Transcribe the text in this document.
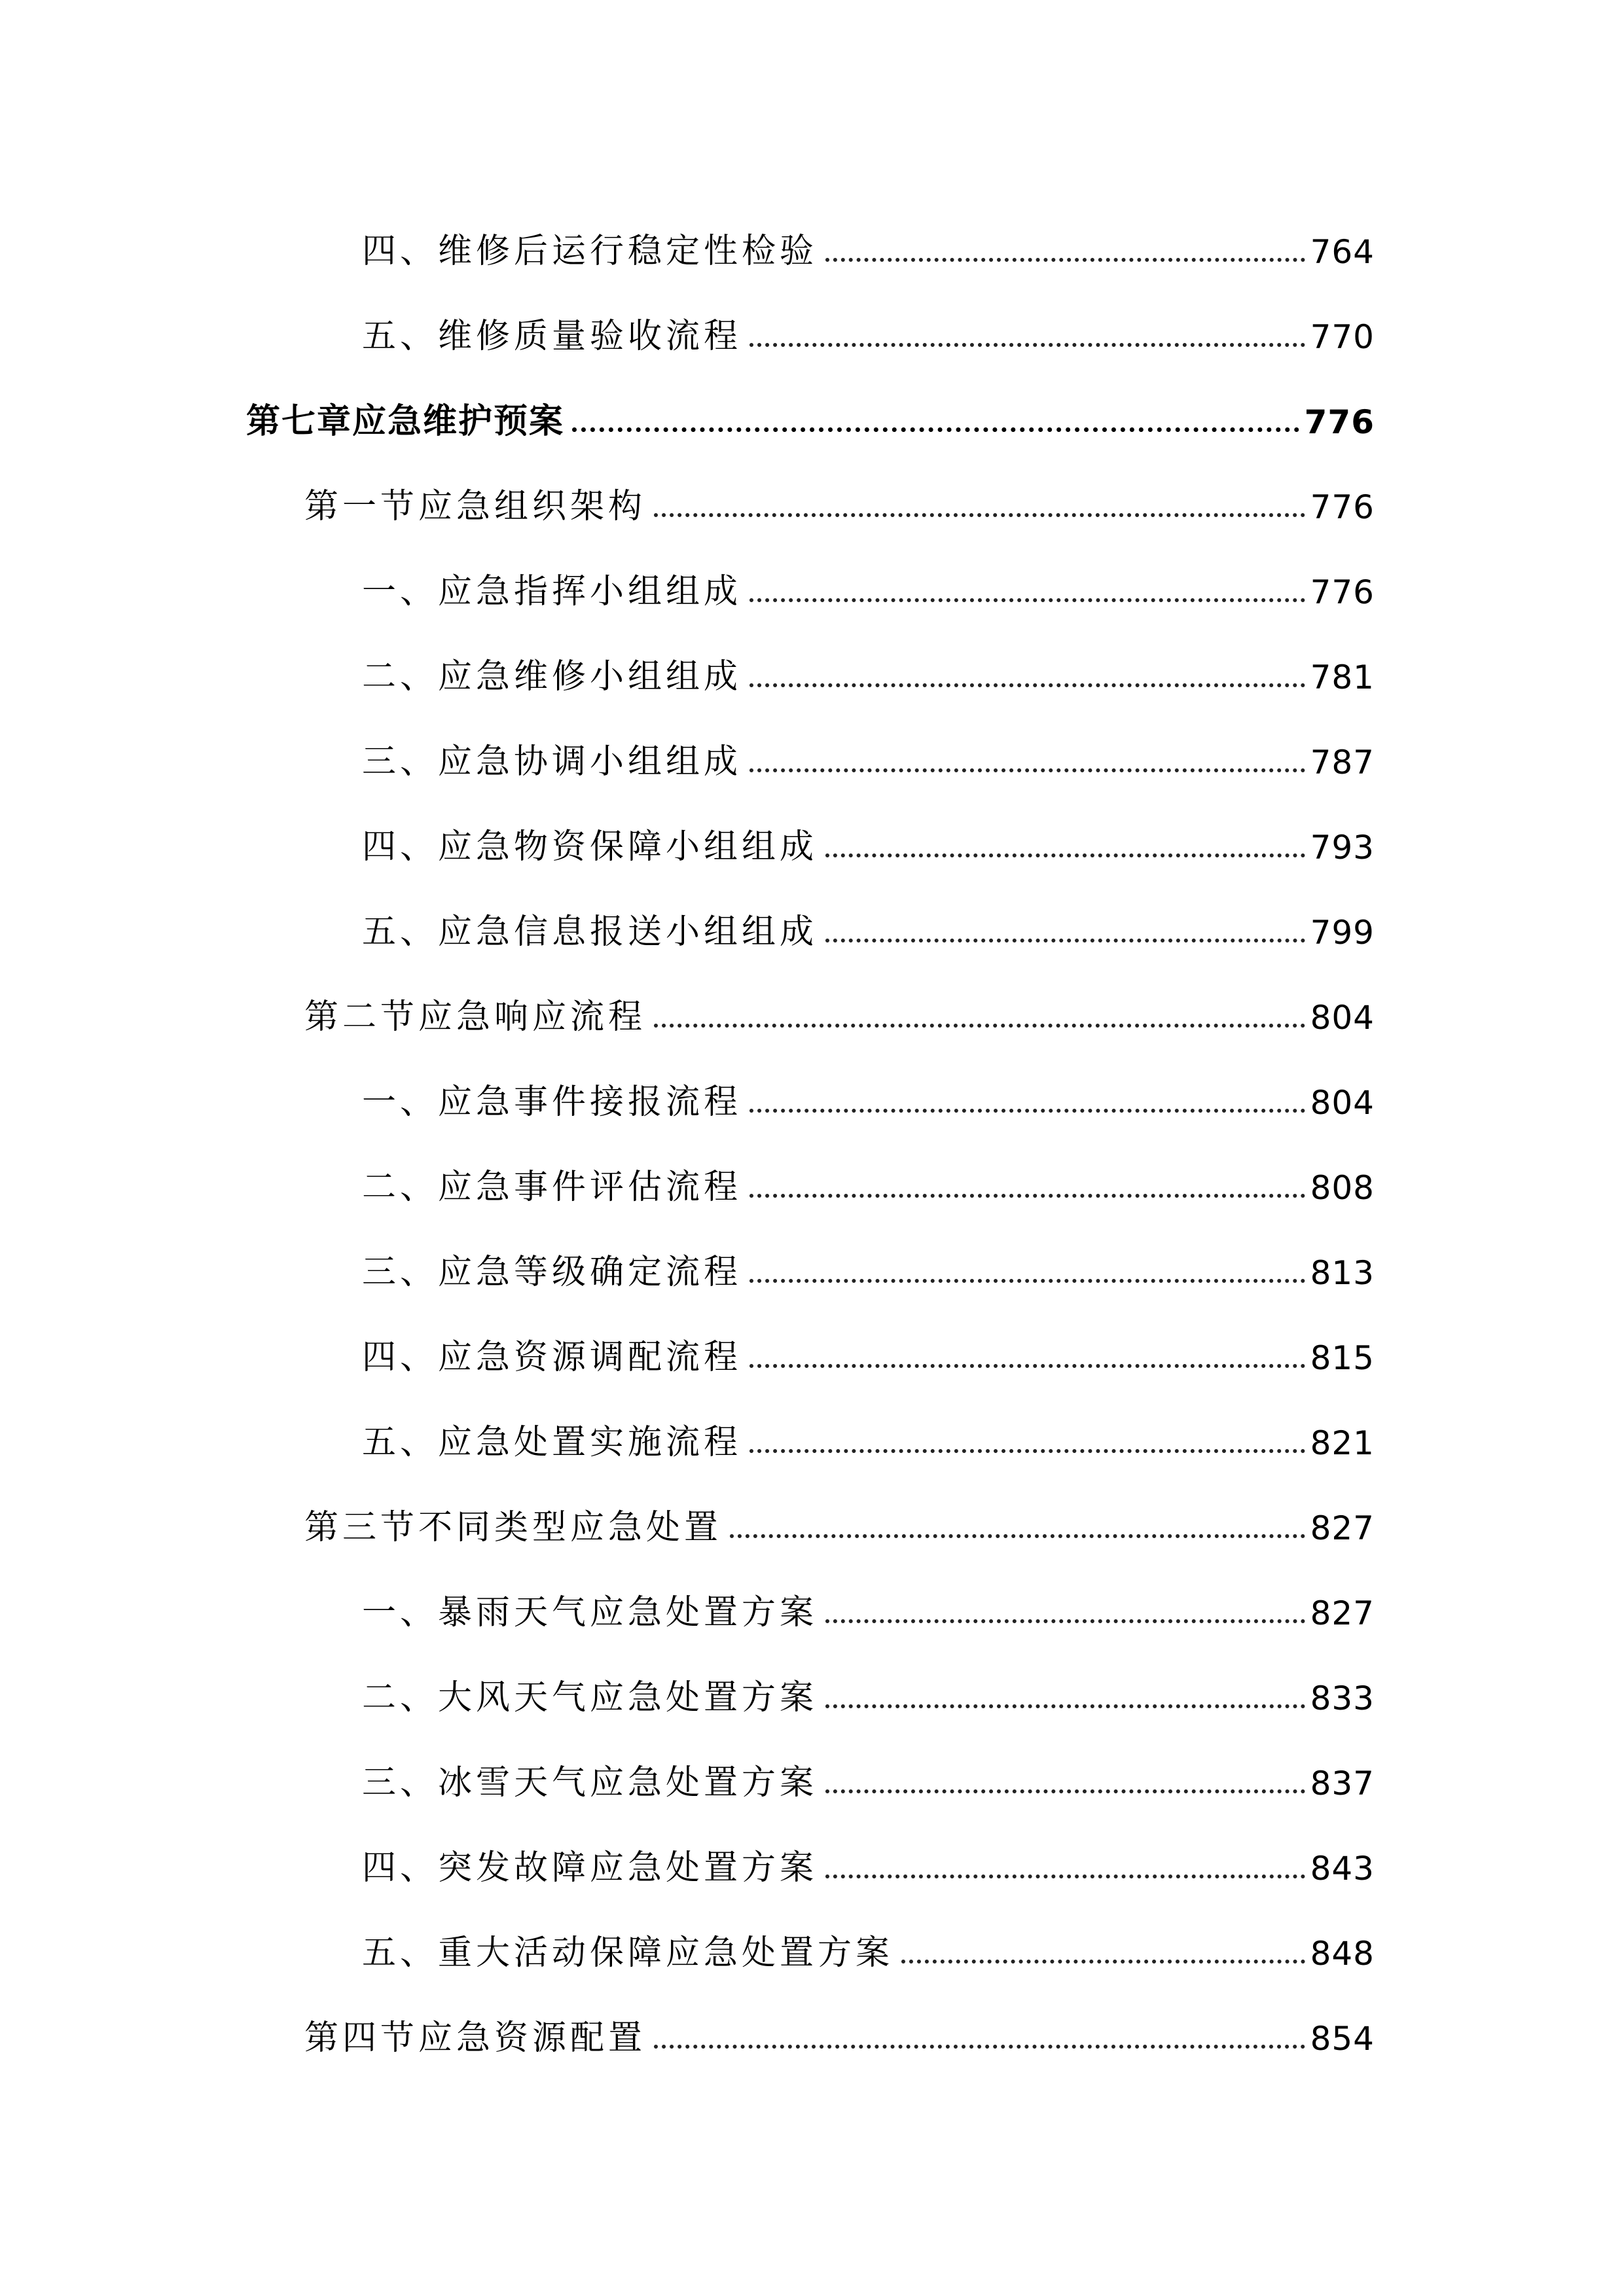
四、维修后运行稳定性检验	764
五、维修质量验收流程	770
第七章应急维护预案	776
第一节应急组织架构	776
一、应急指挥小组组成	776
二、应急维修小组组成	781
三、应急协调小组组成	787
四、应急物资保障小组组成	793
五、应急信息报送小组组成	799
第二节应急响应流程	804
一、应急事件接报流程	804
二、应急事件评估流程	808
三、应急等级确定流程	813
四、应急资源调配流程	815
五、应急处置实施流程	821
第三节不同类型应急处置	827
一、暴雨天气应急处置方案	827
二、大风天气应急处置方案	833
三、冰雪天气应急处置方案	837
四、突发故障应急处置方案	843
五、重大活动保障应急处置方案	848
第四节应急资源配置	854
